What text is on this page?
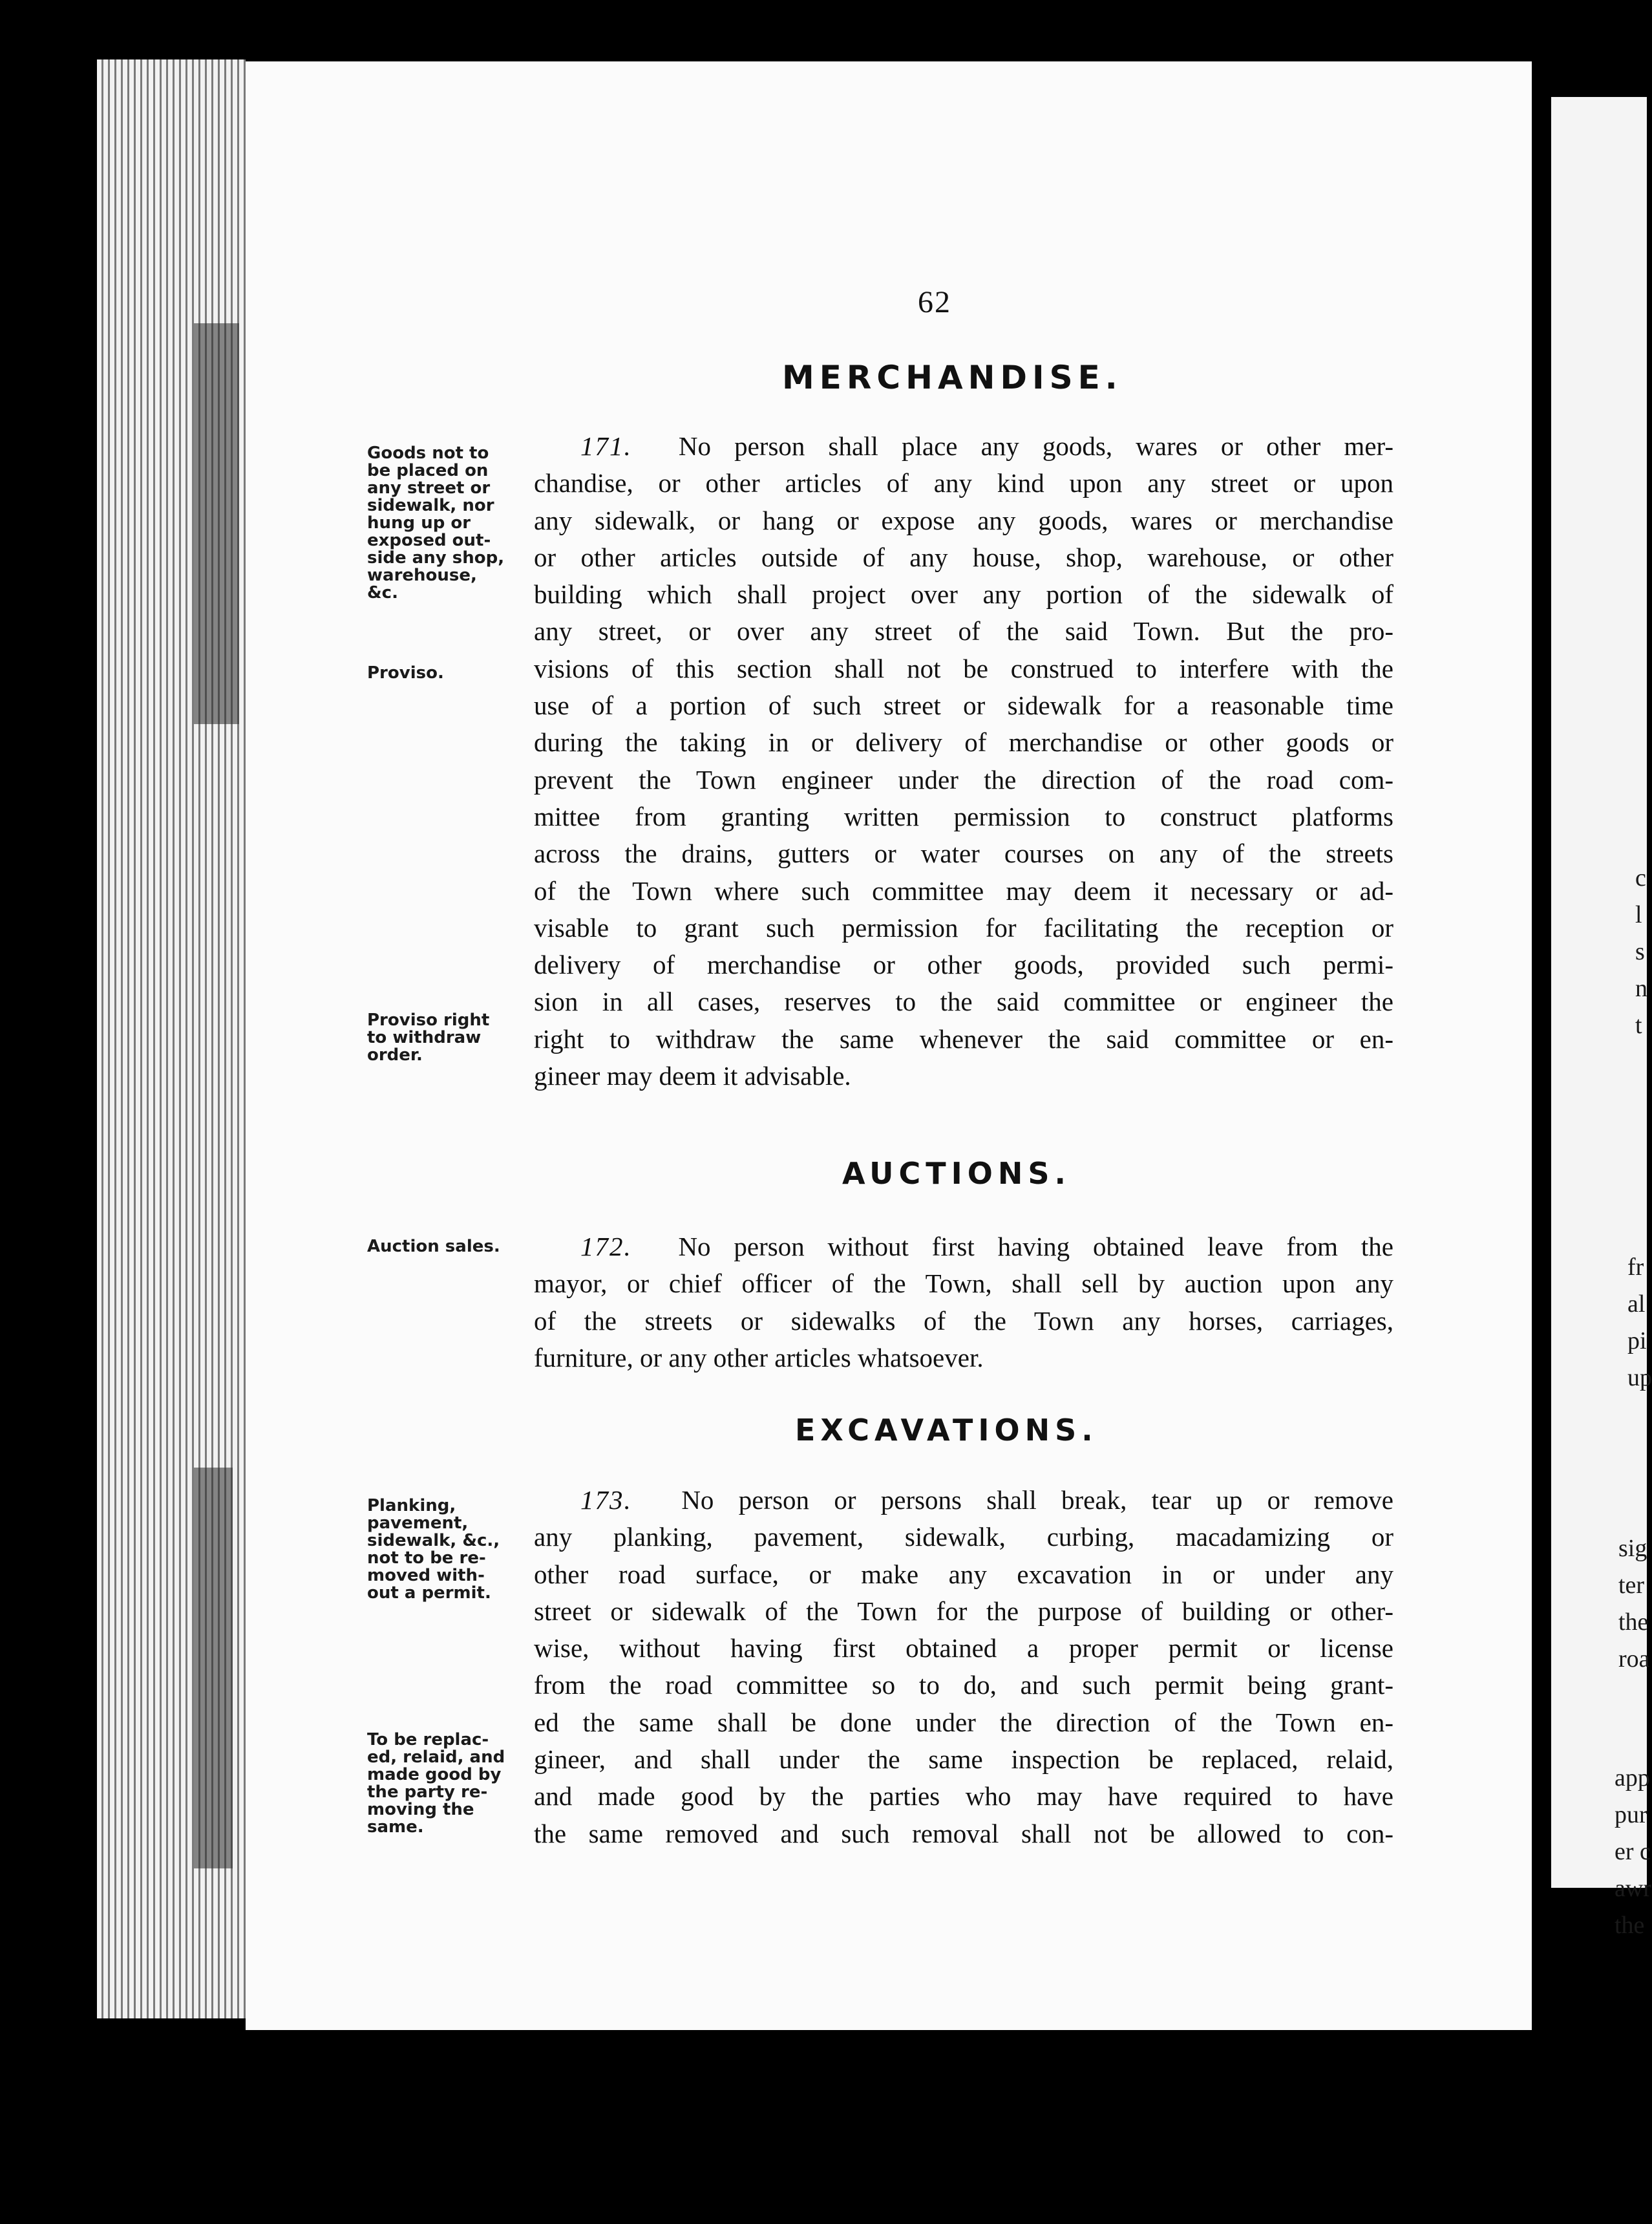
c
l
s
n
t
fr
al
pi
up
sig
ter
the
roa
app
pur
er c
awr
the
62
MERCHANDISE.

Goods not to
be placed on
any street or
sidewalk, nor
hung up or
exposed out-
side any shop,
warehouse,
&c.

Proviso.

Proviso right
to withdraw
order.

171. No person shall place any goods, wares or other mer-
chandise, or other articles of any kind upon any street or upon
any sidewalk, or hang or expose any goods, wares or merchandise
or other articles outside of any house, shop, warehouse, or other
building which shall project over any portion of the sidewalk of
any street, or over any street of the said Town. But the pro-
visions of this section shall not be construed to interfere with the
use of a portion of such street or sidewalk for a reasonable time
during the taking in or delivery of merchandise or other goods or
prevent the Town engineer under the direction of the road com-
mittee from granting written permission to construct platforms
across the drains, gutters or water courses on any of the streets
of the Town where such committee may deem it necessary or ad-
visable to grant such permission for facilitating the reception or
delivery of merchandise or other goods, provided such permi-
sion in all cases, reserves to the said committee or engineer the
right to withdraw the same whenever the said committee or en-
gineer may deem it advisable.
AUCTIONS.

Auction sales.	172. No person without first having obtained leave from the
mayor, or chief officer of the Town, shall sell by auction upon any
of the streets or sidewalks of the Town any horses, carriages,
furniture, or any other articles whatsoever.
EXCAVATIONS.

Planking,
pavement,
sidewalk, &c.,
not to be re-
moved with-
out a permit.

To be replac-
ed, relaid, and
made good by
the party re-
moving the
same.

173. No person or persons shall break, tear up or remove
any planking, pavement, sidewalk, curbing, macadamizing or
other road surface, or make any excavation in or under any
street or sidewalk of the Town for the purpose of building or other-
wise, without having first obtained a proper permit or license
from the road committee so to do, and such permit being grant-
ed the same shall be done under the direction of the Town en-
gineer, and shall under the same inspection be replaced, relaid,
and made good by the parties who may have required to have
the same removed and such removal shall not be allowed to con-
